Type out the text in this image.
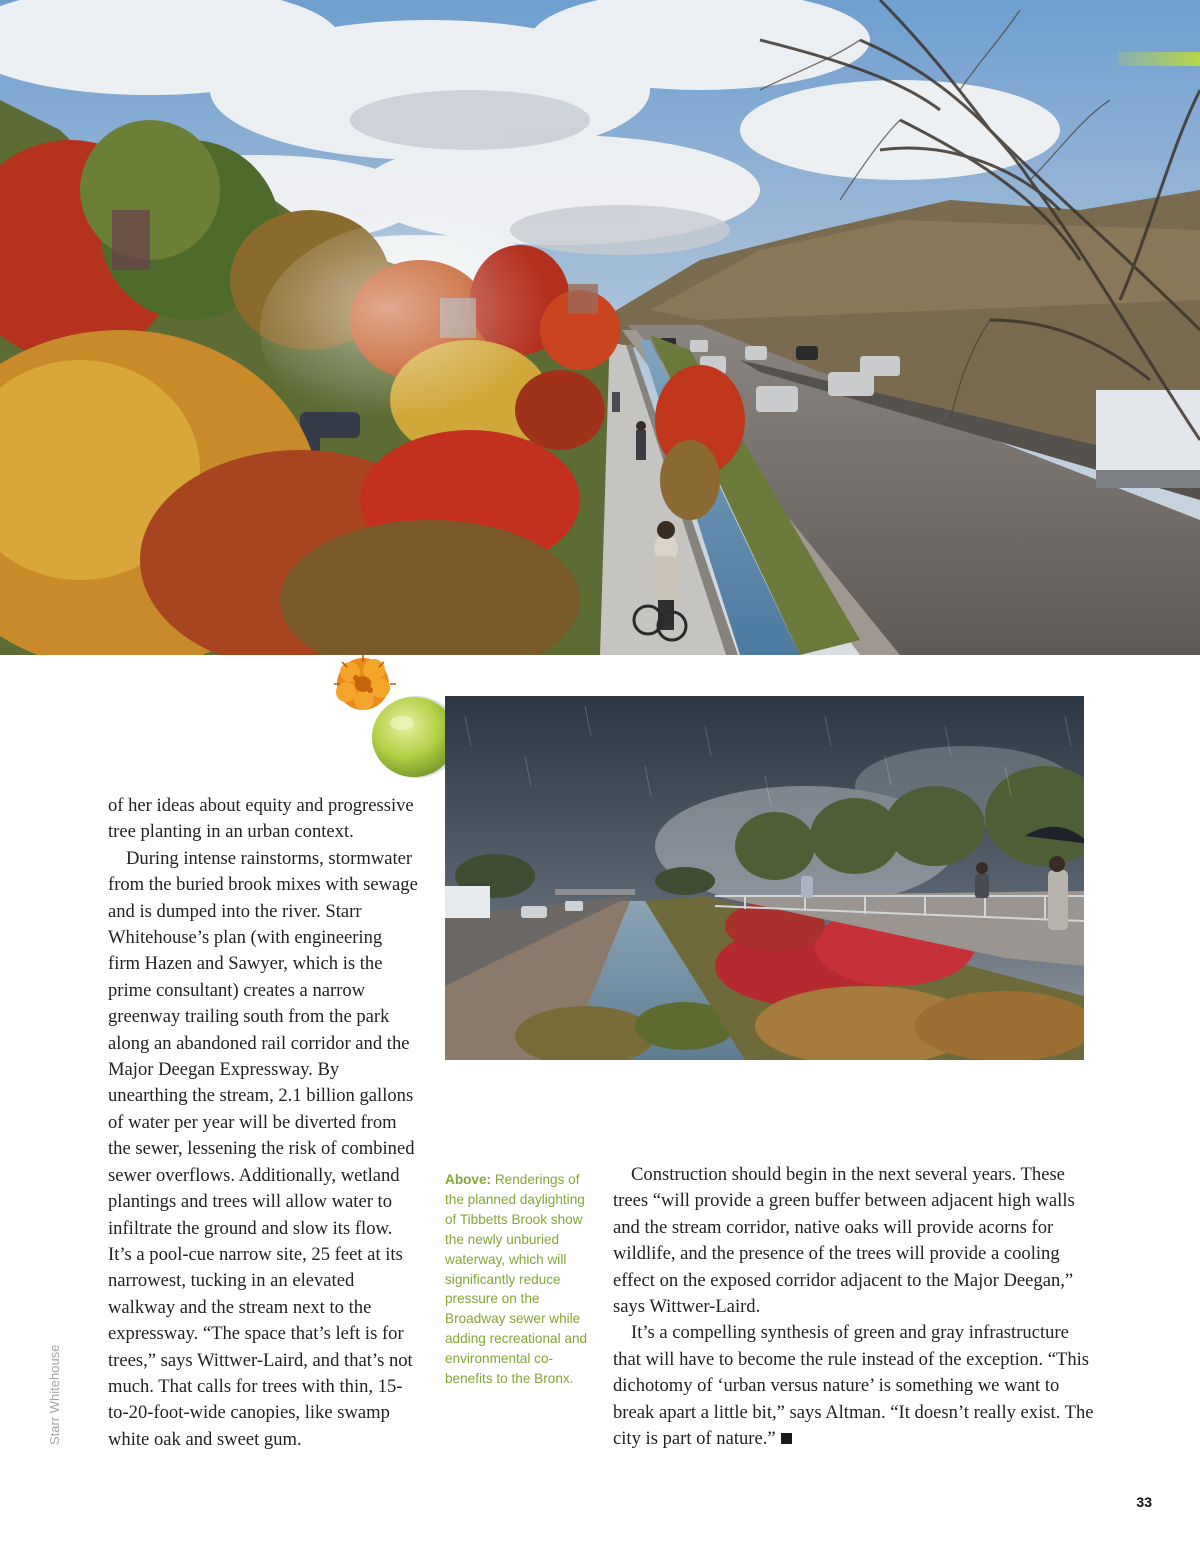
of her ideas about equity and progressive tree planting in an urban context.

During intense rainstorms, stormwater from the buried brook mixes with sewage and is dumped into the river. Starr Whitehouse’s plan (with engineering firm Hazen and Sawyer, which is the prime consultant) creates a narrow greenway trailing south from the park along an abandoned rail corridor and the Major Deegan Expressway. By unearthing the stream, 2.1 billion gallons of water per year will be diverted from the sewer, lessening the risk of combined sewer overflows. Additionally, wetland plantings and trees will allow water to infiltrate the ground and slow its flow. It’s a pool-cue narrow site, 25 feet at its narrowest, tucking in an elevated walkway and the stream next to the expressway. “The space that’s left is for trees,” says Wittwer-Laird, and that’s not much. That calls for trees with thin, 15-to-20-foot-wide canopies, like swamp white oak and sweet gum.

Above: Renderings of the planned daylighting of Tibbetts Brook show the newly unburied waterway, which will significantly reduce pressure on the Broadway sewer while adding recreational and environmental co-benefits to the Bronx.

Construction should begin in the next several years. These trees “will provide a green buffer between adjacent high walls and the stream corridor, native oaks will provide acorns for wildlife, and the presence of the trees will provide a cooling effect on the exposed corridor adjacent to the Major Deegan,” says Wittwer-Laird.

It’s a compelling synthesis of green and gray infrastructure that will have to become the rule instead of the exception. “This dichotomy of ‘urban versus nature’ is something we want to break apart a little bit,” says Altman. “It doesn’t really exist. The city is part of nature.”

Starr Whitehouse
33
